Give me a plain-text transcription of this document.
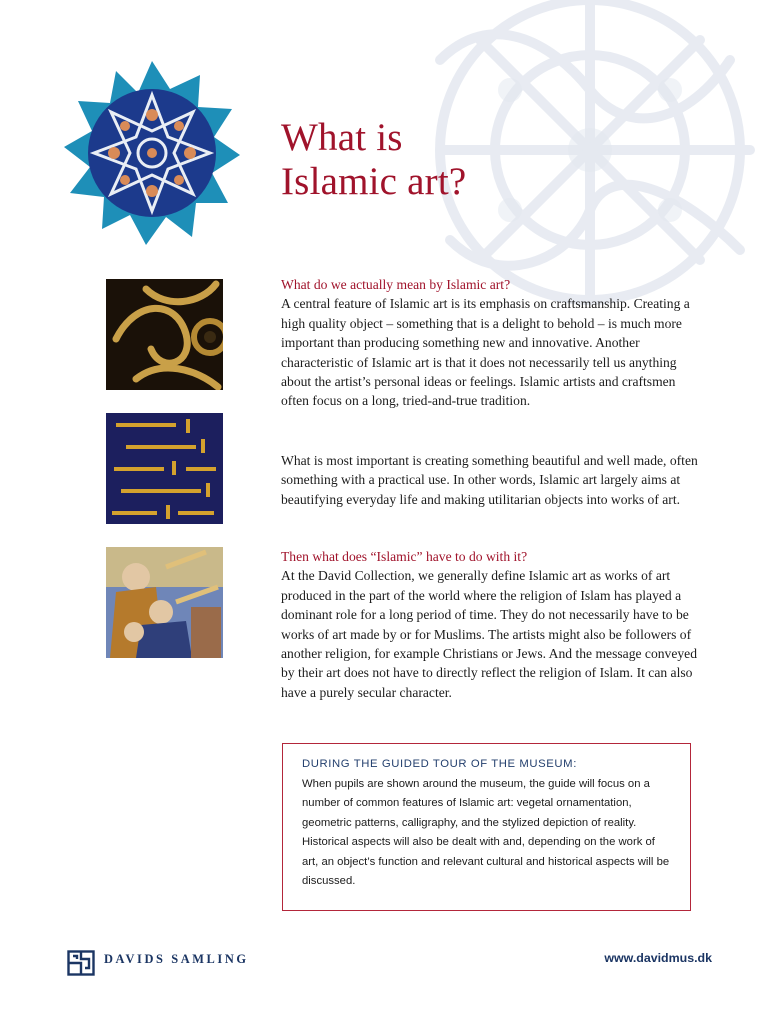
What is
Islamic art?
What do we actually mean by Islamic art?
A central feature of Islamic art is its emphasis on craftsmanship. Creating a high quality object – something that is a delight to behold – is much more important than producing something new and innovative. Another characteristic of Islamic art is that it does not necessarily tell us anything about the artist’s personal ideas or feelings. Islamic artists and craftsmen often focus on a long, tried-and-true tradition.
What is most important is creating something beautiful and well made, often something with a practical use. In other words, Islamic art largely aims at beautifying everyday life and making utilitarian objects into works of art.
Then what does “Islamic” have to do with it?
At the David Collection, we generally define Islamic art as works of art produced in the part of the world where the religion of Islam has played a dominant role for a long period of time. They do not necessarily have to be works of art made by or for Muslims. The artists might also be followers of another religion, for example Christians or Jews. And the message conveyed by their art does not have to directly reflect the religion of Islam. It can also have a purely secular character.
DURING THE GUIDED TOUR OF THE MUSEUM:
When pupils are shown around the museum, the guide will focus on a number of common features of Islamic art: vegetal ornamentation, geometric patterns, calligraphy, and the stylized depiction of reality. Historical aspects will also be dealt with and, depending on the work of art, an object’s function and relevant cultural and historical aspects will be discussed.
DAVIDS SAMLING	www.davidmus.dk
